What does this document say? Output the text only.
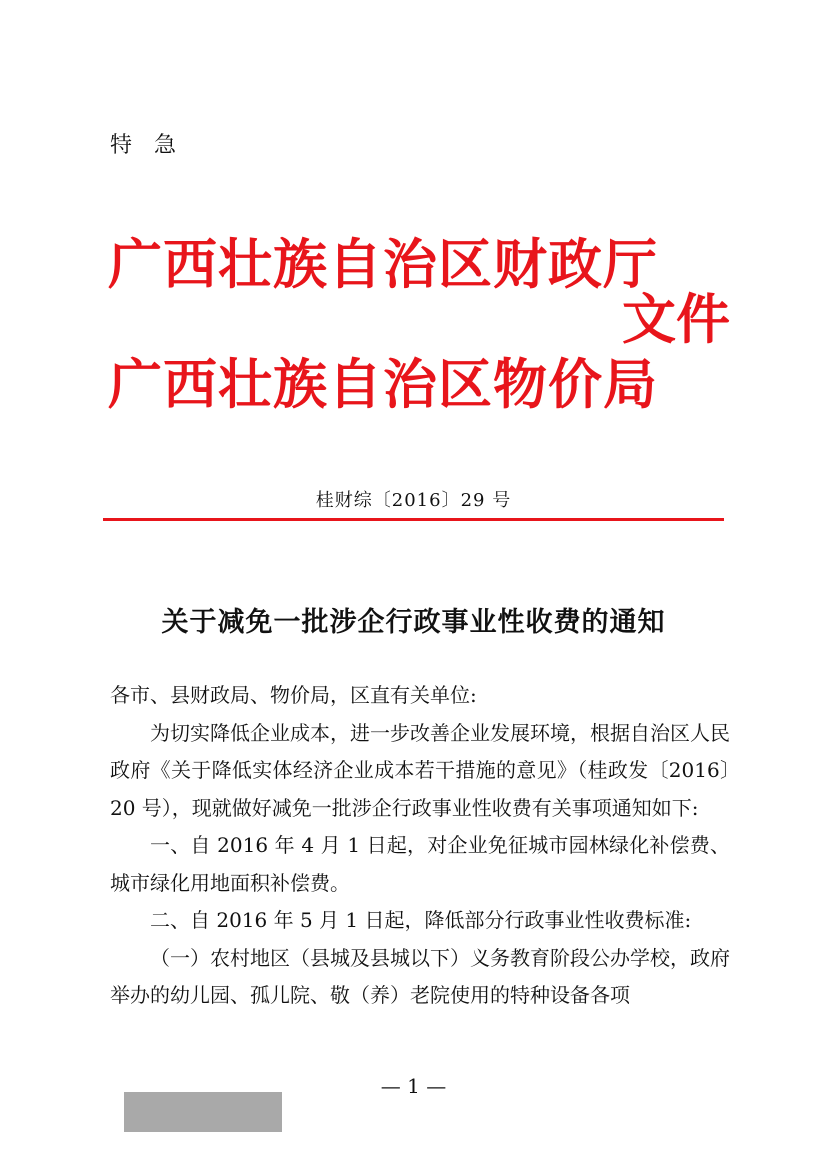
特急
广西壮族自治区财政厅
广西壮族自治区物价局
文件
桂财综〔2016〕29 号
关于减免一批涉企行政事业性收费的通知

各市、县财政局、物价局，区直有关单位:

为切实降低企业成本，进一步改善企业发展环境，根据自治区人民政府《关于降低实体经济企业成本若干措施的意见》（桂政发〔2016〕20 号），现就做好减免一批涉企行政事业性收费有关事项通知如下:

一、自 2016 年 4 月 1 日起，对企业免征城市园林绿化补偿费、城市绿化用地面积补偿费。

二、自 2016 年 5 月 1 日起，降低部分行政事业性收费标准:

（一）农村地区（县城及县城以下）义务教育阶段公办学校，政府举办的幼儿园、孤儿院、敬（养）老院使用的特种设备各项

— 1 —
